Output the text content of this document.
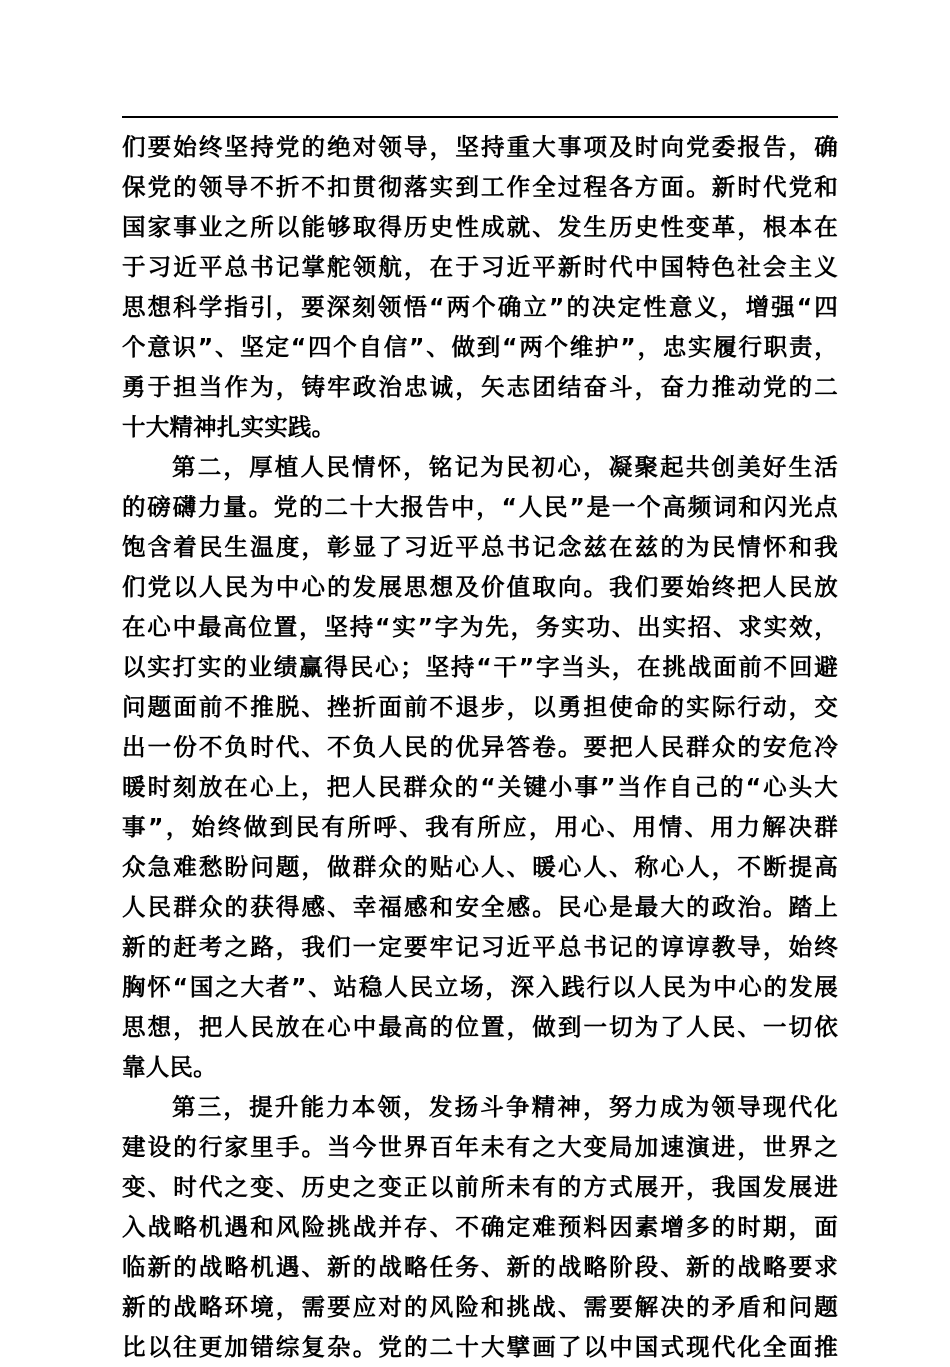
们要始终坚持党的绝对领导，坚持重大事项及时向党委报告，确
保党的领导不折不扣贯彻落实到工作全过程各方面。新时代党和
国家事业之所以能够取得历史性成就、发生历史性变革，根本在
于习近平总书记掌舵领航，在于习近平新时代中国特色社会主义
思想科学指引，要深刻领悟“两个确立”的决定性意义，增强“四
个意识”、坚定“四个自信”、做到“两个维护”，忠实履行职责，
勇于担当作为，铸牢政治忠诚，矢志团结奋斗，奋力推动党的二
十大精神扎实实践。
第二，厚植人民情怀，铭记为民初心，凝聚起共创美好生活
的磅礴力量。党的二十大报告中，“人民”是一个高频词和闪光点
饱含着民生温度，彰显了习近平总书记念兹在兹的为民情怀和我
们党以人民为中心的发展思想及价值取向。我们要始终把人民放
在心中最高位置，坚持“实”字为先，务实功、出实招、求实效，
以实打实的业绩赢得民心；坚持“干”字当头，在挑战面前不回避
问题面前不推脱、挫折面前不退步，以勇担使命的实际行动，交
出一份不负时代、不负人民的优异答卷。要把人民群众的安危冷
暖时刻放在心上，把人民群众的“关键小事”当作自己的“心头大
事”，始终做到民有所呼、我有所应，用心、用情、用力解决群
众急难愁盼问题，做群众的贴心人、暖心人、称心人，不断提高
人民群众的获得感、幸福感和安全感。民心是最大的政治。踏上
新的赶考之路，我们一定要牢记习近平总书记的谆谆教导，始终
胸怀“国之大者”、站稳人民立场，深入践行以人民为中心的发展
思想，把人民放在心中最高的位置，做到一切为了人民、一切依
靠人民。
第三，提升能力本领，发扬斗争精神，努力成为领导现代化
建设的行家里手。当今世界百年未有之大变局加速演进，世界之
变、时代之变、历史之变正以前所未有的方式展开，我国发展进
入战略机遇和风险挑战并存、不确定难预料因素增多的时期，面
临新的战略机遇、新的战略任务、新的战略阶段、新的战略要求
新的战略环境，需要应对的风险和挑战、需要解决的矛盾和问题
比以往更加错综复杂。党的二十大擘画了以中国式现代化全面推
